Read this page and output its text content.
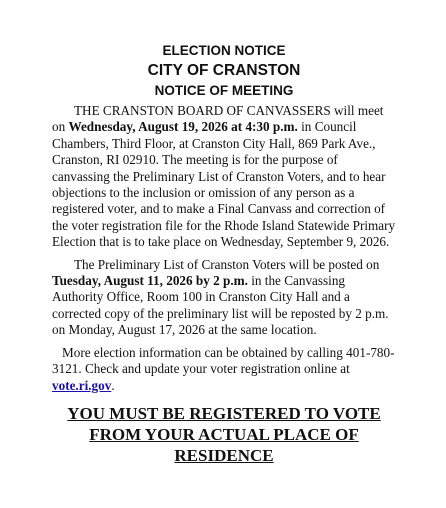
ELECTION NOTICE
CITY OF CRANSTON
NOTICE OF MEETING

THE CRANSTON BOARD OF CANVASSERS will meet on Wednesday, August 19, 2026 at 4:30 p.m. in Council Chambers, Third Floor, at Cranston City Hall, 869 Park Ave., Cranston, RI 02910. The meeting is for the purpose of canvassing the Preliminary List of Cranston Voters, and to hear objections to the inclusion or omission of any person as a registered voter, and to make a Final Canvass and correction of the voter registration file for the Rhode Island Statewide Primary Election that is to take place on Wednesday, September 9, 2026.

The Preliminary List of Cranston Voters will be posted on Tuesday, August 11, 2026 by 2 p.m. in the Canvassing Authority Office, Room 100 in Cranston City Hall and a corrected copy of the preliminary list will be reposted by 2 p.m. on Monday, August 17, 2026 at the same location.

More election information can be obtained by calling 401-780-3121. Check and update your voter registration online at vote.ri.gov.

YOU MUST BE REGISTERED TO VOTE FROM YOUR ACTUAL PLACE OF RESIDENCE
